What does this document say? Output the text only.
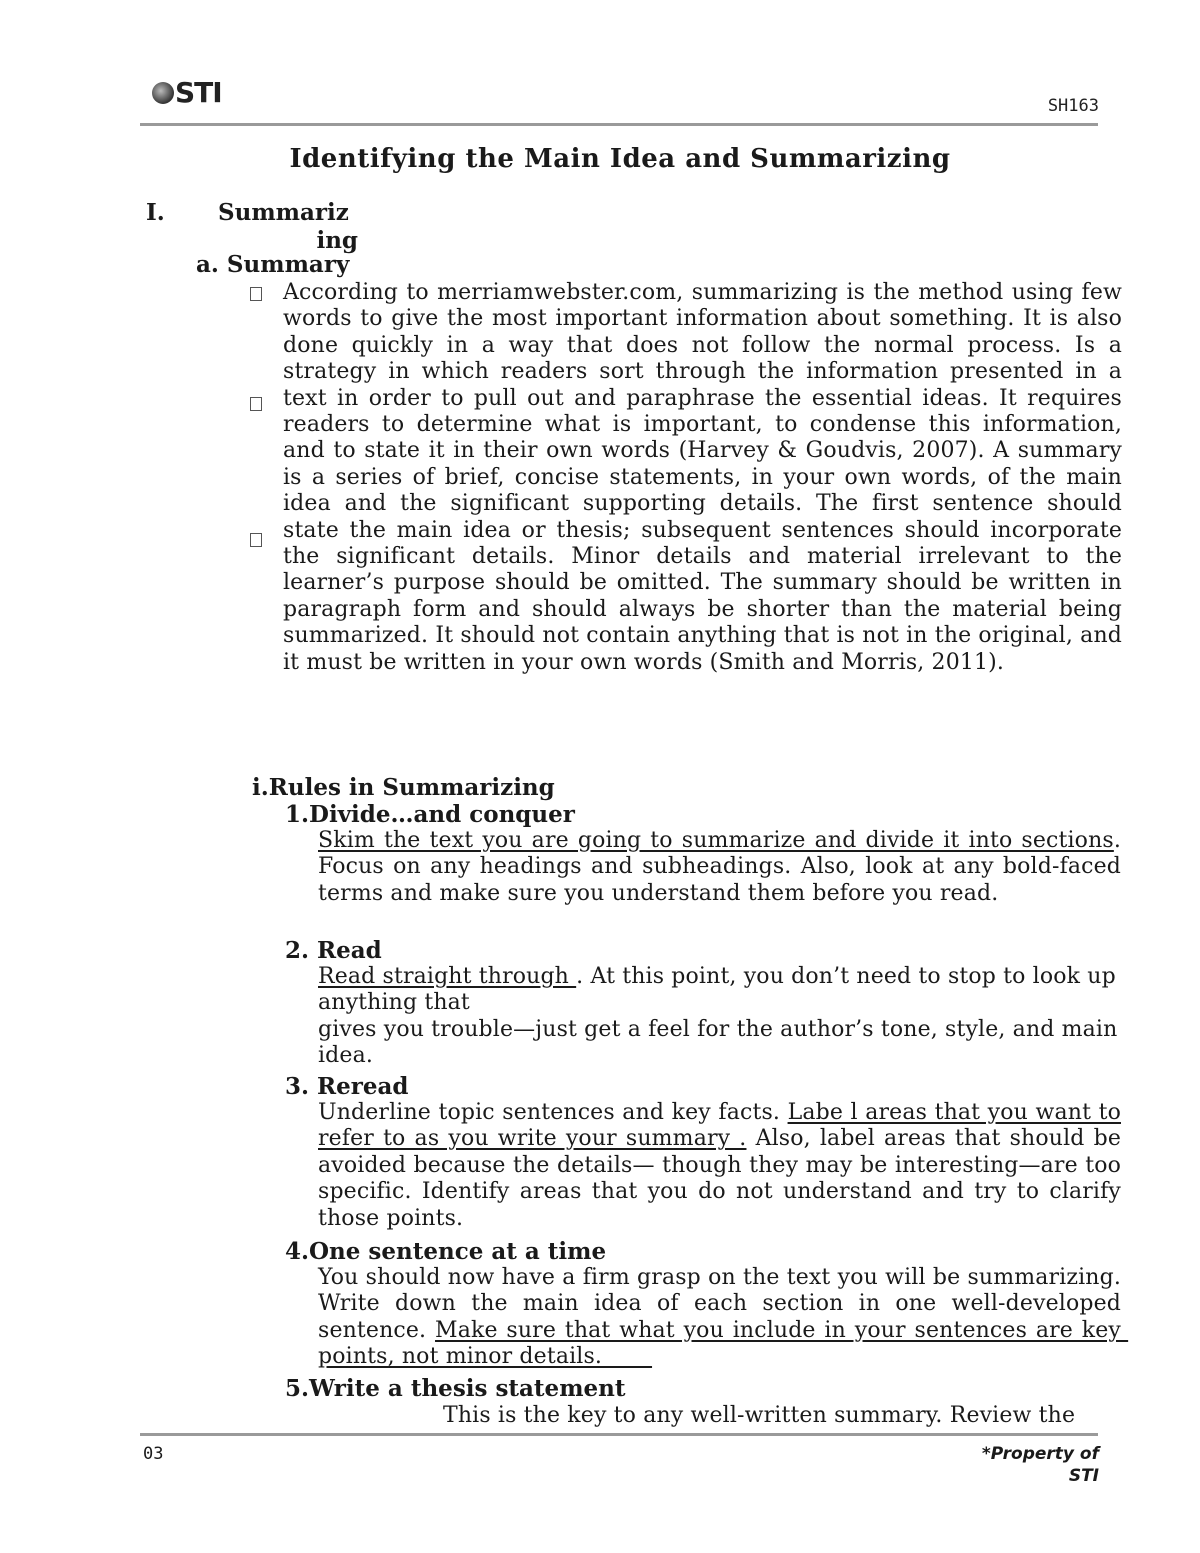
STI	SH163
Identifying the Main Idea and Summarizing
I. Summariz
ing
a. Summary
According to merriamwebster.com, summarizing is the method using few words to give the most important information about something. It is also done quickly in a way that does not follow the normal process. Is a strategy in which readers sort through the information presented in a text in order to pull out and paraphrase the essential ideas. It requires readers to determine what is important, to condense this information, and to state it in their own words (Harvey & Goudvis, 2007). A summary is a series of brief, concise statements, in your own words, of the main idea and the significant supporting details. The first sentence should state the main idea or thesis; subsequent sentences should incorporate the significant details. Minor details and material irrelevant to the learner’s purpose should be omitted. The summary should be written in paragraph form and should always be shorter than the material being summarized. It should not contain anything that is not in the original, and it must be written in your own words (Smith and Morris, 2011).
i.Rules in Summarizing
1.Divide…and conquer
Skim the text you are going to summarize and divide it into sections. Focus on any headings and subheadings. Also, look at any bold-faced terms and make sure you understand them before you read.
2. Read
Read straight through . At this point, you don’t need to stop to look up anything that
gives you trouble—just get a feel for the author’s tone, style, and main idea.
3. Reread
Underline topic sentences and key facts. Labe l areas that you want to refer to as you write your summary . Also, label areas that should be avoided because the details— though they may be interesting—are too specific. Identify areas that you do not understand and try to clarify those points.
4.One sentence at a time
You should now have a firm grasp on the text you will be summarizing. Write down the main idea of each section in one well-developed sentence. Make sure that what you include in your sentences are key points, not minor details.
5.Write a thesis statement
This is the key to any well-written summary. Review the
03	*Property of
STI
